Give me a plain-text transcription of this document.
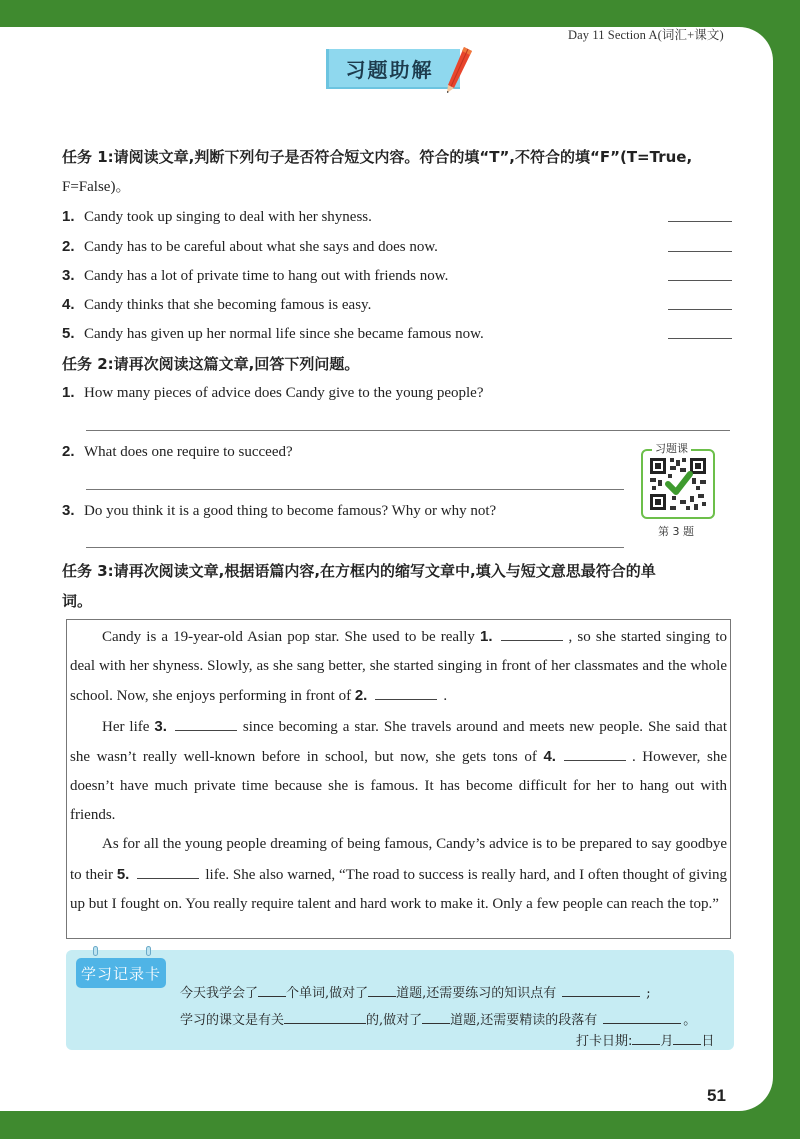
Day 11 Section A(词汇+课文)
习题助解
任务 1:请阅读文章,判断下列句子是否符合短文内容。符合的填“T”,不符合的填“F”(T=True,
F=False)。
1. Candy took up singing to deal with her shyness.
2. Candy has to be careful about what she says and does now.
3. Candy has a lot of private time to hang out with friends now.
4. Candy thinks that she becoming famous is easy.
5. Candy has given up her normal life since she became famous now.
任务 2:请再次阅读这篇文章,回答下列问题。
1. How many pieces of advice does Candy give to the young people?
2. What does one require to succeed?
3. Do you think it is a good thing to become famous? Why or why not?
习题课
第 3 题
任务 3:请再次阅读文章,根据语篇内容,在方框内的缩写文章中,填入与短文意思最符合的单
词。

Candy is a 19-year-old Asian pop star. She used to be really 1.	, so she started singing to deal with her shyness. Slowly, as she sang better, she started singing in front of her classmates and the whole school. Now, she enjoys performing in front of 2.	.

Her life 3.	since becoming a star. She travels around and meets new people. She said that she wasn’t really well-known before in school, but now, she gets tons of 4.	. However, she doesn’t have much private time because she is famous. It has become difficult for her to hang out with friends.

As for all the young people dreaming of being famous, Candy’s advice is to be prepared to say goodbye to their 5.	life. She also warned, “The road to success is really hard, and I often thought of giving up but I fought on. You really require talent and hard work to make it. Only a few people can reach the top.”

学习记录卡
今天我学会了 个单词,做对了 道题,还需要练习的知识点有	;
学习的课文是有关	的,做对了 道题,还需要精读的段落有	。
打卡日期: 月 日
51
